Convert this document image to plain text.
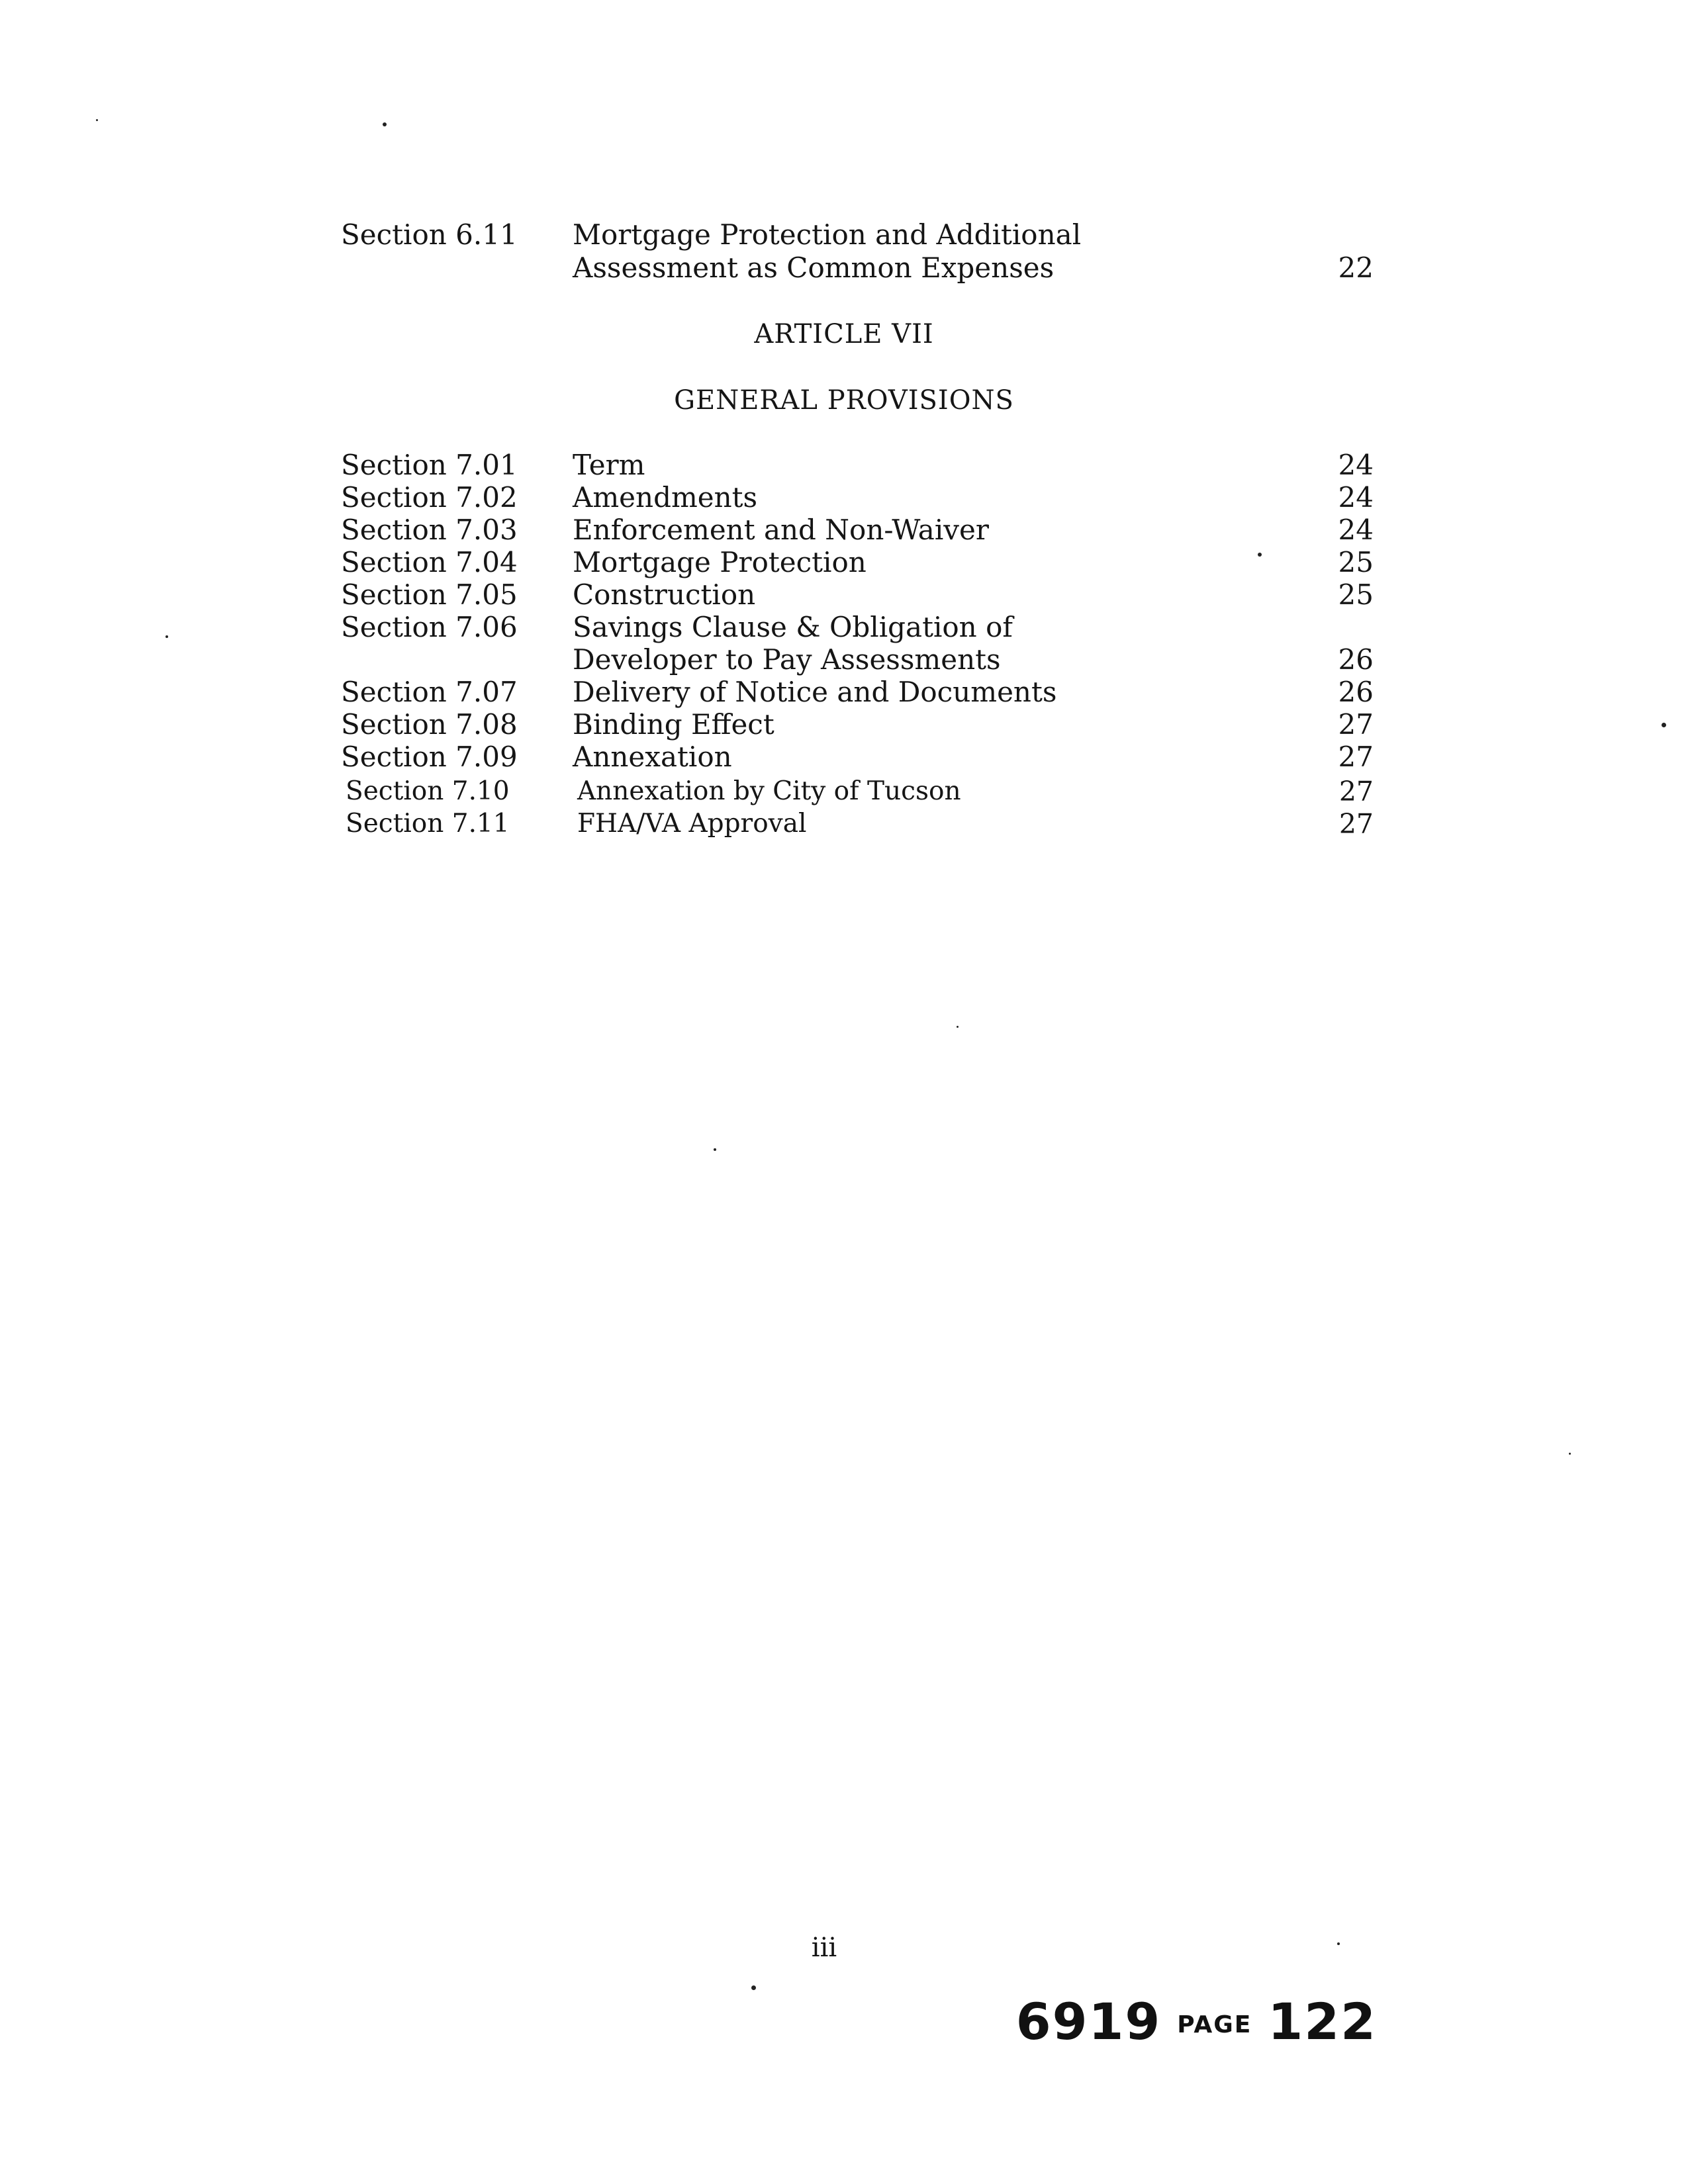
Section 6.11 Mortgage Protection and Additional
Assessment as Common Expenses	22
ARTICLE VII
GENERAL PROVISIONS
Section 7.01 Term	24
Section 7.02 Amendments	24
Section 7.03 Enforcement and Non-Waiver	24
Section 7.04 Mortgage Protection	25
Section 7.05 Construction	25
Section 7.06 Savings Clause & Obligation of
Developer to Pay Assessments	26
Section 7.07 Delivery of Notice and Documents	26
Section 7.08 Binding Effect	27
Section 7.09 Annexation	27
Section 7.10	Annexation by City of Tucson	27
Section 7.11	FHA/VA Approval	27
iii
6919 PAGE 122
